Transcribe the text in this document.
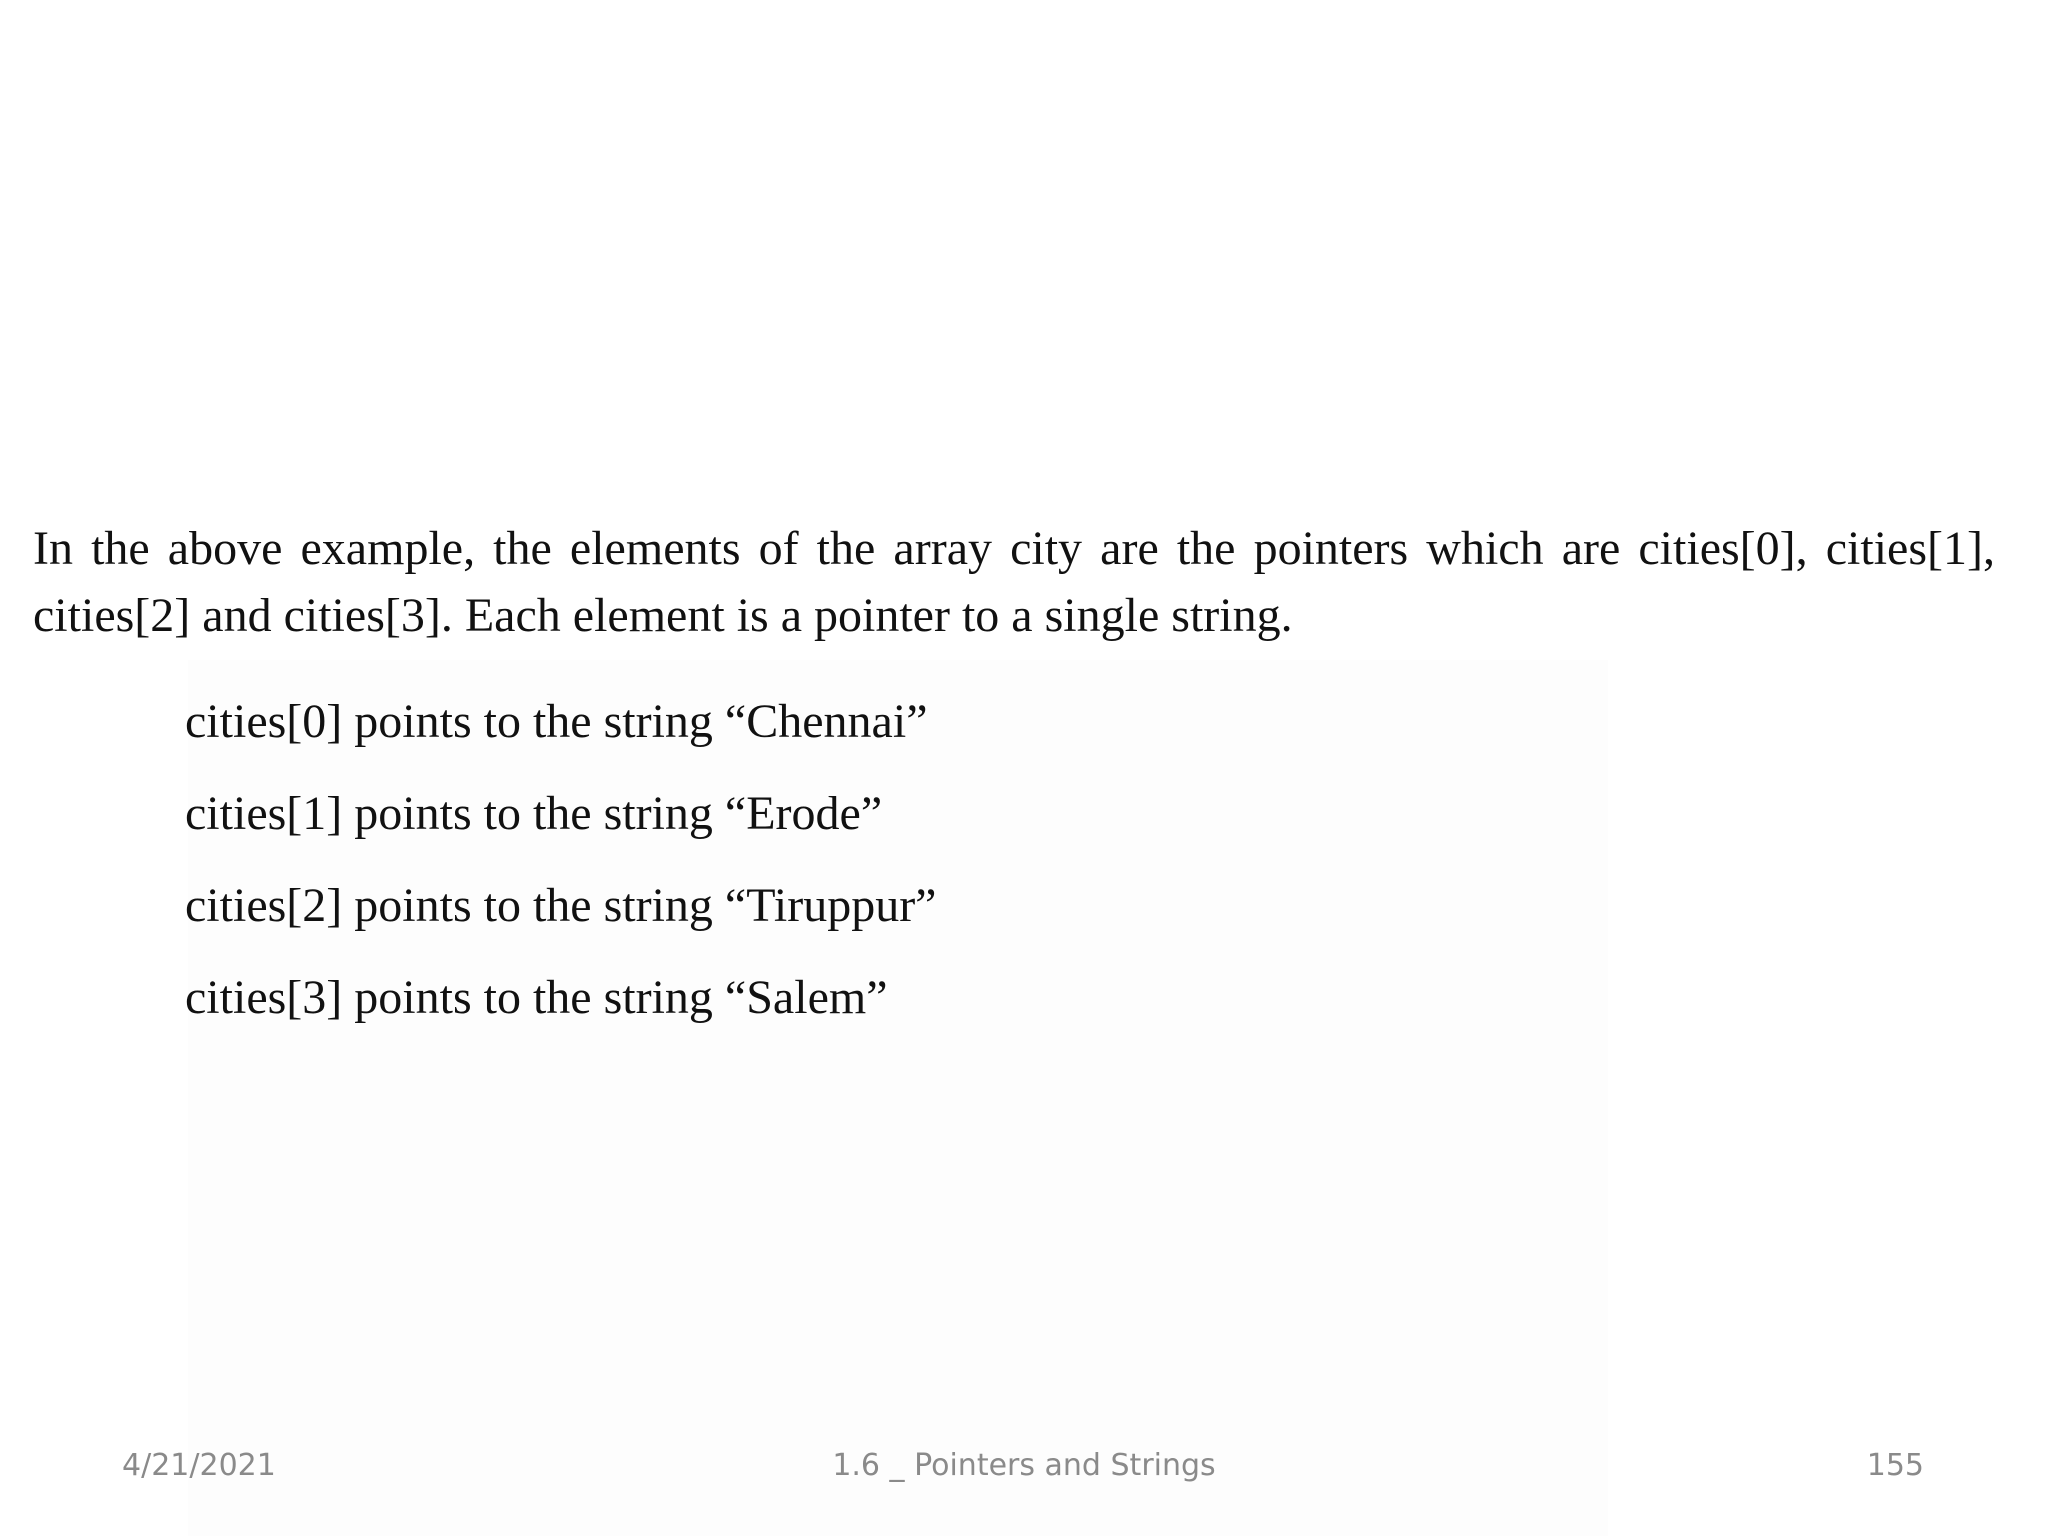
In the above example, the elements of the array city are the pointers which are cities[0], cities[1], cities[2] and cities[3]. Each element is a pointer to a single string.
cities[0] points to the string “Chennai”
cities[1] points to the string “Erode”
cities[2] points to the string “Tiruppur”
cities[3] points to the string “Salem”
4/21/2021	1.6 _ Pointers and Strings	155
